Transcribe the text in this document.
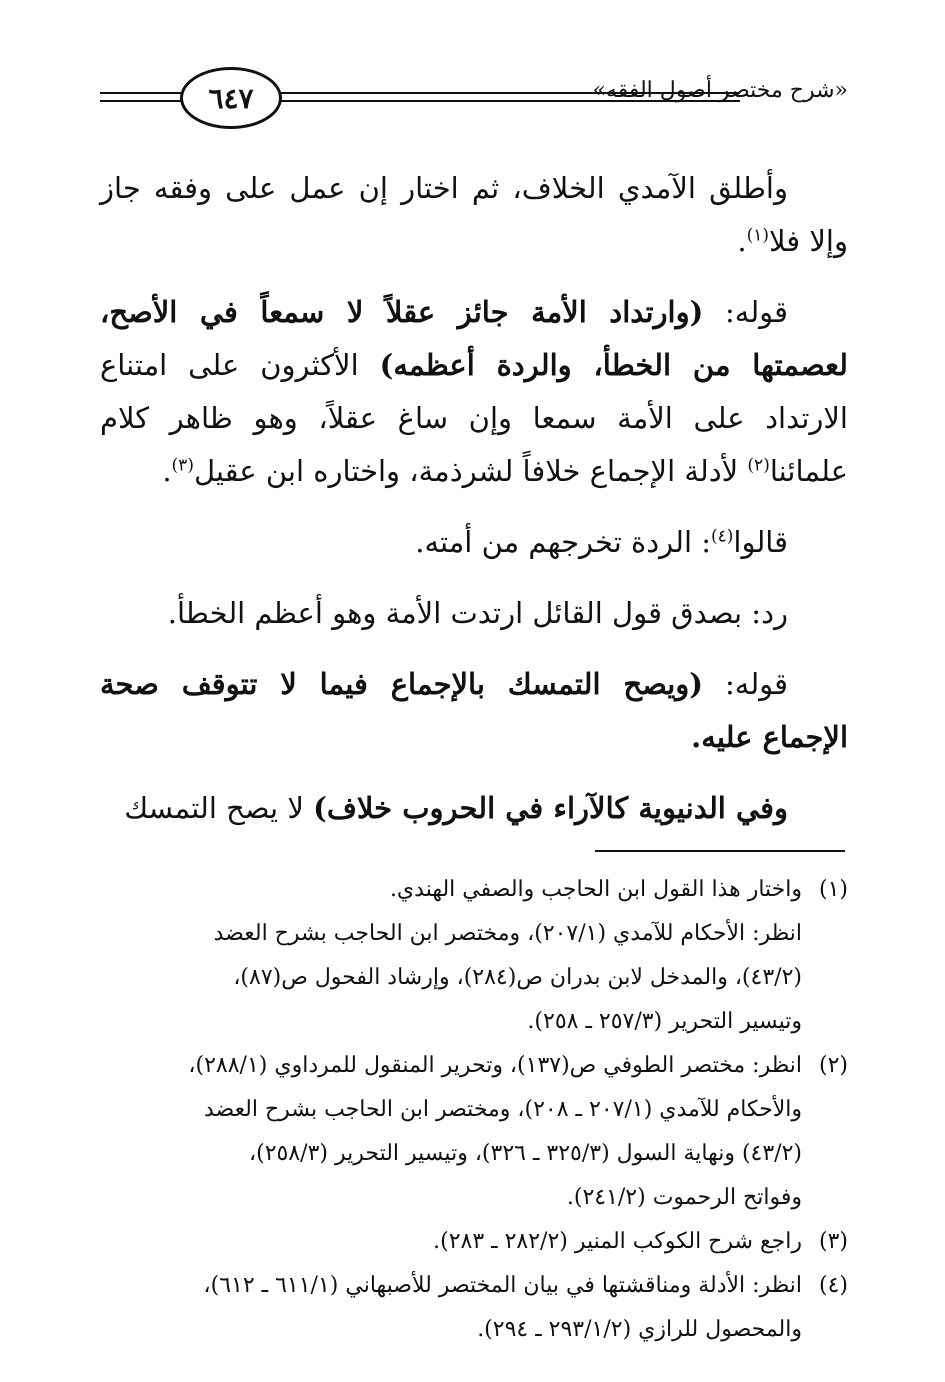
٦٤٧	«شرح مختصر أصول الفقه»

وأطلق الآمدي الخلاف، ثم اختار إن عمل على وفقه جاز وإلا فلا$^{(١)}$.

قوله: (وارتداد الأمة جائز عقلاً لا سمعاً في الأصح، لعصمتها من الخطأ، والردة أعظمه) الأكثرون على امتناع الارتداد على الأمة سمعا وإن ساغ عقلاً، وهو ظاهر كلام علمائنا$^{(٢)}$ لأدلة الإجماع خلافاً لشرذمة، واختاره ابن عقيل$^{(٣)}$.

قالوا$^{(٤)}$: الردة تخرجهم من أمته.

رد: بصدق قول القائل ارتدت الأمة وهو أعظم الخطأ.

قوله: (ويصح التمسك بالإجماع فيما لا تتوقف صحة الإجماع عليه.

وفي الدنيوية كالآراء في الحروب خلاف) لا يصح التمسك

(١)
واختار هذا القول ابن الحاجب والصفي الهندي.
انظر: الأحكام للآمدي (٢٠٧/١)، ومختصر ابن الحاجب بشرح العضد
(٤٣/٢)، والمدخل لابن بدران ص(٢٨٤)، وإرشاد الفحول ص(٨٧)،
وتيسير التحرير (٢٥٧/٣ ـ ٢٥٨).
(٢)
انظر: مختصر الطوفي ص(١٣٧)، وتحرير المنقول للمرداوي (٢٨٨/١)،
والأحكام للآمدي (٢٠٧/١ ـ ٢٠٨)، ومختصر ابن الحاجب بشرح العضد
(٤٣/٢) ونهاية السول (٣٢٥/٣ ـ ٣٢٦)، وتيسير التحرير (٢٥٨/٣)،
وفواتح الرحموت (٢٤١/٢).
(٣)
راجع شرح الكوكب المنير (٢٨٢/٢ ـ ٢٨٣).
(٤)
انظر: الأدلة ومناقشتها في بيان المختصر للأصبهاني (٦١١/١ ـ ٦١٢)،
والمحصول للرازي (٢٩٣/١/٢ ـ ٢٩٤).
